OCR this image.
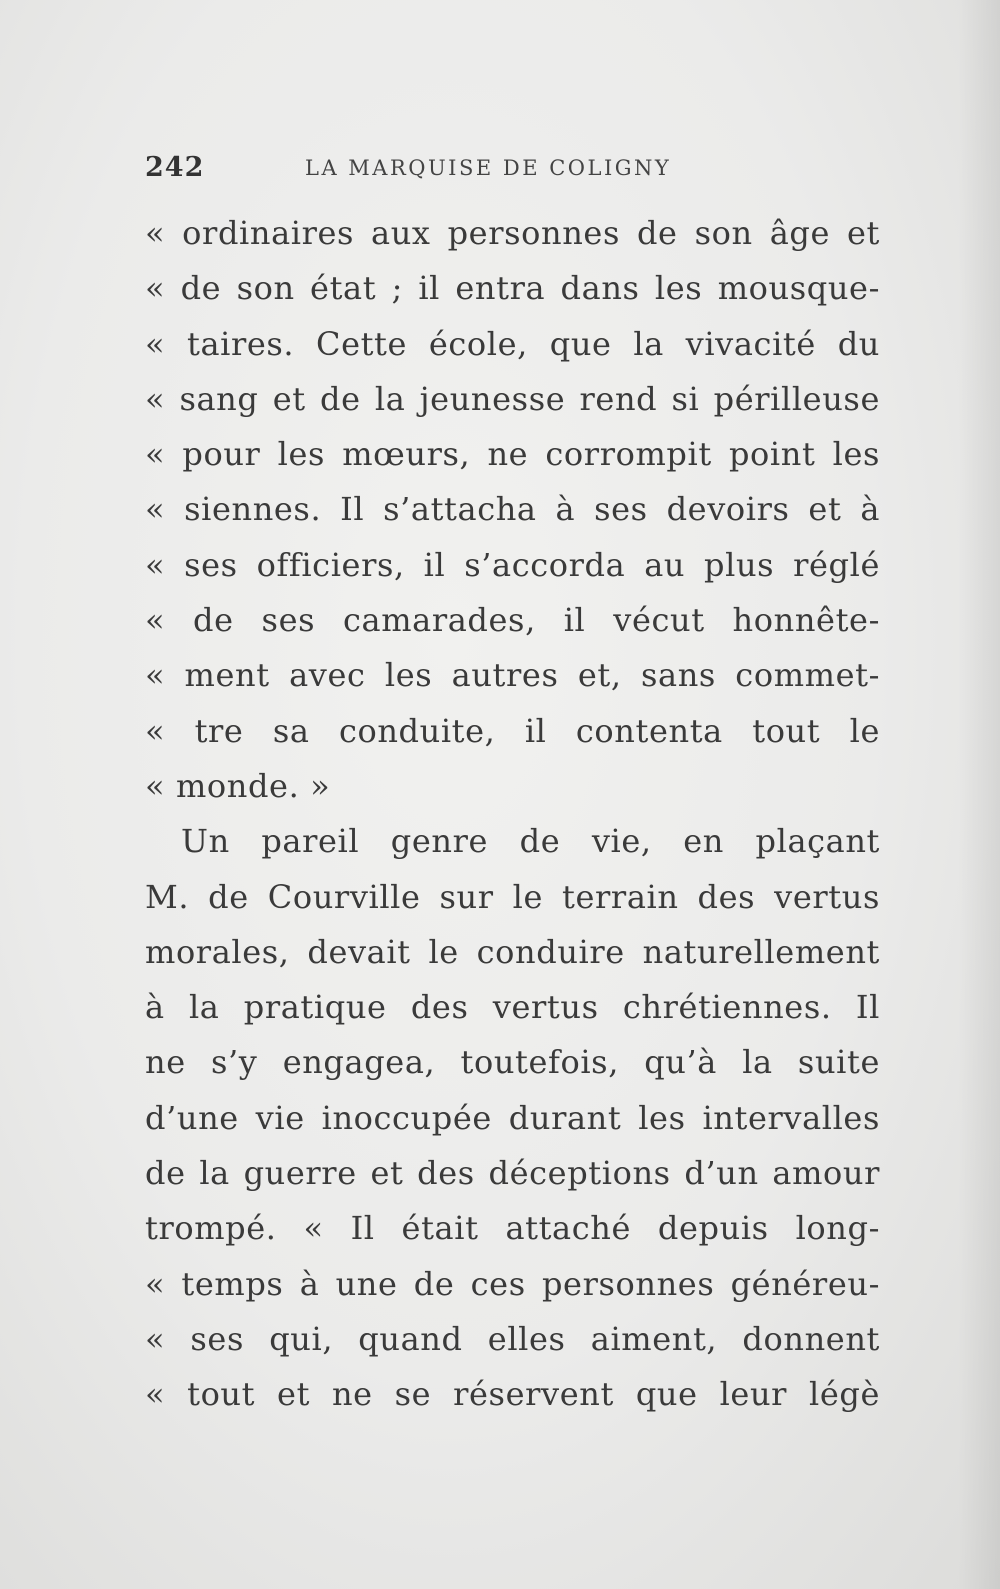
242	LA MARQUISE DE COLIGNY
« ordinaires aux personnes de son âge et
« de son état ; il entra dans les mousque-
« taires. Cette école, que la vivacité du
« sang et de la jeunesse rend si périlleuse
« pour les mœurs, ne corrompit point les
« siennes. Il s’attacha à ses devoirs et à
« ses officiers, il s’accorda au plus réglé
« de ses camarades, il vécut honnête-
« ment avec les autres et, sans commet-
« tre sa conduite, il contenta tout le
« monde. »
Un pareil genre de vie, en plaçant
M. de Courville sur le terrain des vertus
morales, devait le conduire naturellement
à la pratique des vertus chrétiennes. Il
ne s’y engagea, toutefois, qu’à la suite
d’une vie inoccupée durant les intervalles
de la guerre et des déceptions d’un amour
trompé. « Il était attaché depuis long-
« temps à une de ces personnes généreu-
« ses qui, quand elles aiment, donnent
« tout et ne se réservent que leur légè
